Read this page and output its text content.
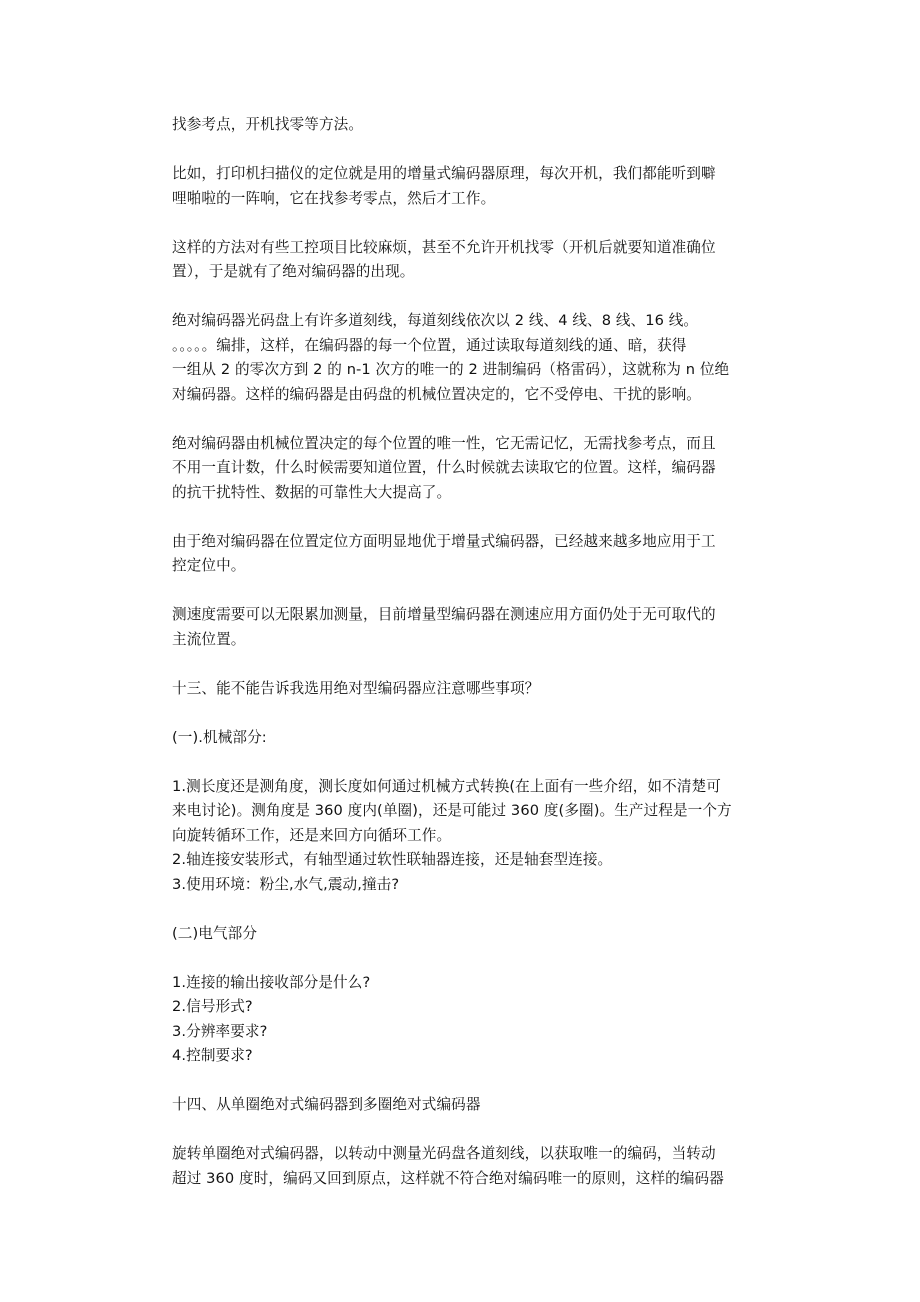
找参考点，开机找零等方法。
比如，打印机扫描仪的定位就是用的增量式编码器原理，每次开机，我们都能听到噼
哩啪啦的一阵响，它在找参考零点，然后才工作。
这样的方法对有些工控项目比较麻烦，甚至不允许开机找零（开机后就要知道准确位
置），于是就有了绝对编码器的出现。
绝对编码器光码盘上有许多道刻线，每道刻线依次以 2 线、4 线、8 线、16 线。
。。。。。编排，这样，在编码器的每一个位置，通过读取每道刻线的通、暗，获得
一组从 2 的零次方到 2 的 n-1 次方的唯一的 2 进制编码（格雷码），这就称为 n 位绝
对编码器。这样的编码器是由码盘的机械位置决定的，它不受停电、干扰的影响。
绝对编码器由机械位置决定的每个位置的唯一性，它无需记忆，无需找参考点，而且
不用一直计数，什么时候需要知道位置，什么时候就去读取它的位置。这样，编码器
的抗干扰特性、数据的可靠性大大提高了。
由于绝对编码器在位置定位方面明显地优于增量式编码器，已经越来越多地应用于工
控定位中。
测速度需要可以无限累加测量，目前增量型编码器在测速应用方面仍处于无可取代的
主流位置。
十三、能不能告诉我选用绝对型编码器应注意哪些事项？
(一).机械部分:
1.测长度还是测角度，测长度如何通过机械方式转换(在上面有一些介绍，如不清楚可
来电讨论)。测角度是 360 度内(单圈)，还是可能过 360 度(多圈)。生产过程是一个方
向旋转循环工作，还是来回方向循环工作。
2.轴连接安装形式，有轴型通过软性联轴器连接，还是轴套型连接。
3.使用环境：粉尘,水气,震动,撞击?
(二)电气部分
1.连接的输出接收部分是什么?
2.信号形式?
3.分辨率要求?
4.控制要求?
十四、从单圈绝对式编码器到多圈绝对式编码器
旋转单圈绝对式编码器，以转动中测量光码盘各道刻线，以获取唯一的编码，当转动
超过 360 度时，编码又回到原点，这样就不符合绝对编码唯一的原则，这样的编码器
